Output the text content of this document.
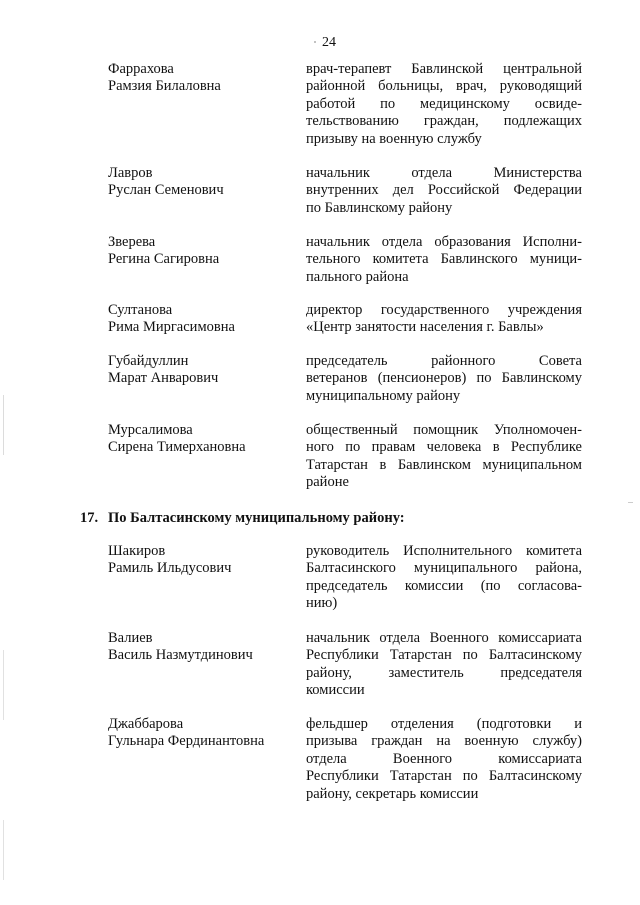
24
Фаррахова
Рамзия Билаловна
врач-терапевт Бавлинской центральной
районной больницы, врач, руководящий
работой по медицинскому освиде-
тельствованию граждан, подлежащих
призыву на военную службу
Лавров
Руслан Семенович
начальник отдела Министерства
внутренних дел Российской Федерации
по Бавлинскому району
Зверева
Регина Сагировна
начальник отдела образования Исполни-
тельного комитета Бавлинского муници-
пального района
Султанова
Рима Миргасимовна
директор государственного учреждения
«Центр занятости населения г. Бавлы»
Губайдуллин
Марат Анварович
председатель районного Совета
ветеранов (пенсионеров) по Бавлинскому
муниципальному району
Мурсалимова
Сирена Тимерхановна
общественный помощник Уполномочен-
ного по правам человека в Республике
Татарстан в Бавлинском муниципальном
районе
17. По Балтасинскому муниципальному району:
Шакиров
Рамиль Ильдусович
руководитель Исполнительного комитета
Балтасинского муниципального района,
председатель комиссии (по согласова-
нию)
Валиев
Василь Назмутдинович
начальник отдела Военного комиссариата
Республики Татарстан по Балтасинскому
району, заместитель председателя
комиссии
Джаббарова
Гульнара Фердинантовна
фельдшер отделения (подготовки и
призыва граждан на военную службу)
отдела Военного комиссариата
Республики Татарстан по Балтасинскому
району, секретарь комиссии
